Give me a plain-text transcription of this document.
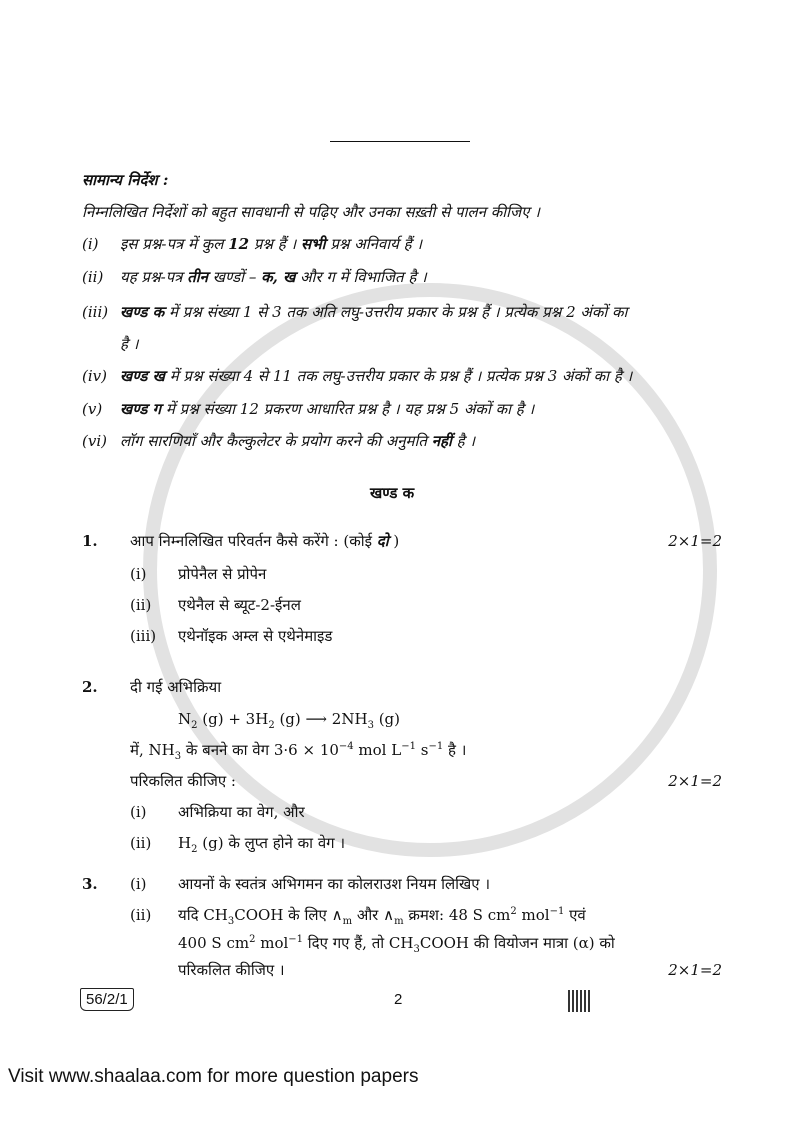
सामान्य निर्देश :
निम्नलिखित निर्देशों को बहुत सावधानी से पढ़िए और उनका सख़्ती से पालन कीजिए ।
(i) इस प्रश्न-पत्र में कुल 12 प्रश्न हैं । सभी प्रश्न अनिवार्य हैं ।
(ii) यह प्रश्न-पत्र तीन खण्डों – क, ख और ग में विभाजित है ।
(iii) खण्ड क में प्रश्न संख्या 1 से 3 तक अति लघु-उत्तरीय प्रकार के प्रश्न हैं । प्रत्येक प्रश्न 2 अंकों का
(iv) खण्ड ख में प्रश्न संख्या 4 से 11 तक लघु-उत्तरीय प्रकार के प्रश्न हैं । प्रत्येक प्रश्न 3 अंकों का है ।
(v) खण्ड ग में प्रश्न संख्या 12 प्रकरण आधारित प्रश्न है । यह प्रश्न 5 अंकों का है ।
(vi) लॉग सारणियाँ और कैल्कुलेटर के प्रयोग करने की अनुमति नहीं है ।
है ।
खण्ड क
1. आप निम्नलिखित परिवर्तन कैसे करेंगे : (कोई दो )	2×1=2
(i) प्रोपेनैल से प्रोपेन
(ii) एथेनैल से ब्यूट-2-ईनल
(iii) एथेनॉइक अम्ल से एथेनेमाइड
2. दी गई अभिक्रिया
$N_2$ $(g) + 3H_2$ (g) ⟶ $2NH_3$ (g)
में, $NH_3$ के बनने का वेग $3\cdot 6 \times 10^{-4}$ mol $L^{-1}$ $s^{-1}$ है ।
परिकलित कीजिए :	2×1=2
(i) अभिक्रिया का वेग, और
(ii) $H_2$ (g) के लुप्त होने का वेग ।
3. (i) आयनों के स्वतंत्र अभिगमन का कोलराउश नियम लिखिए ।
(ii) यदि $CH_3COOH$ के लिए $\wedge_m$ और $\wedge_m$ क्रमश: 48 S $cm^2$ mol$^{-1}$ एवं
400 S $cm^2$ mol$^{-1}$ दिए गए हैं, तो $CH_3COOH$ की वियोजन मात्रा (α) को
परिकलित कीजिए ।	2×1=2
56/2/1	2
Visit www.shaalaa.com for more question papers
